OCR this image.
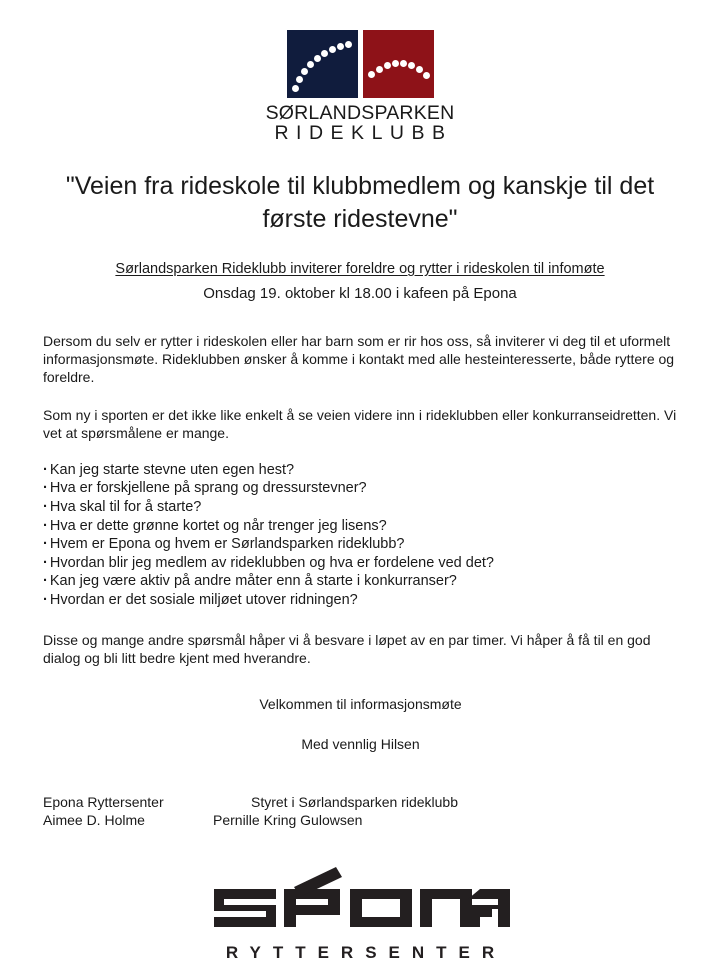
SØRLANDSPARKEN
RIDEKLUBB
"Veien fra rideskole til klubbmedlem og kanskje til det første ridestevne"
Sørlandsparken Rideklubb inviterer foreldre og rytter i rideskolen til infomøte
Onsdag 19. oktober kl 18.00 i kafeen på Epona

Dersom du selv er rytter i rideskolen eller har barn som er rir hos oss, så inviterer vi deg til et uformelt informasjonsmøte. Rideklubben ønsker å komme i kontakt med alle hesteinteresserte, både ryttere og foreldre.

Som ny i sporten er det ikke like enkelt å se veien videre inn i rideklubben eller konkurranseidretten. Vi vet at spørsmålene er mange.

· Kan jeg starte stevne uten egen hest?
· Hva er forskjellene på sprang og dressurstevner?
· Hva skal til for å starte?
· Hva er dette grønne kortet og når trenger jeg lisens?
· Hvem er Epona og hvem er Sørlandsparken rideklubb?
· Hvordan blir jeg medlem av rideklubben og hva er fordelene ved det?
· Kan jeg være aktiv på andre måter enn å starte i konkurranser?
· Hvordan er det sosiale miljøet utover ridningen?

Disse og mange andre spørsmål håper vi å besvare i løpet av en par timer. Vi håper å få til en god dialog og bli litt bedre kjent med hverandre.

Velkommen til informasjonsmøte
Med vennlig Hilsen
Epona Ryttersenter
Aimee D. Holme
Styret i Sørlandsparken rideklubb
Pernille Kring Gulowsen
RYTTERSENTER
